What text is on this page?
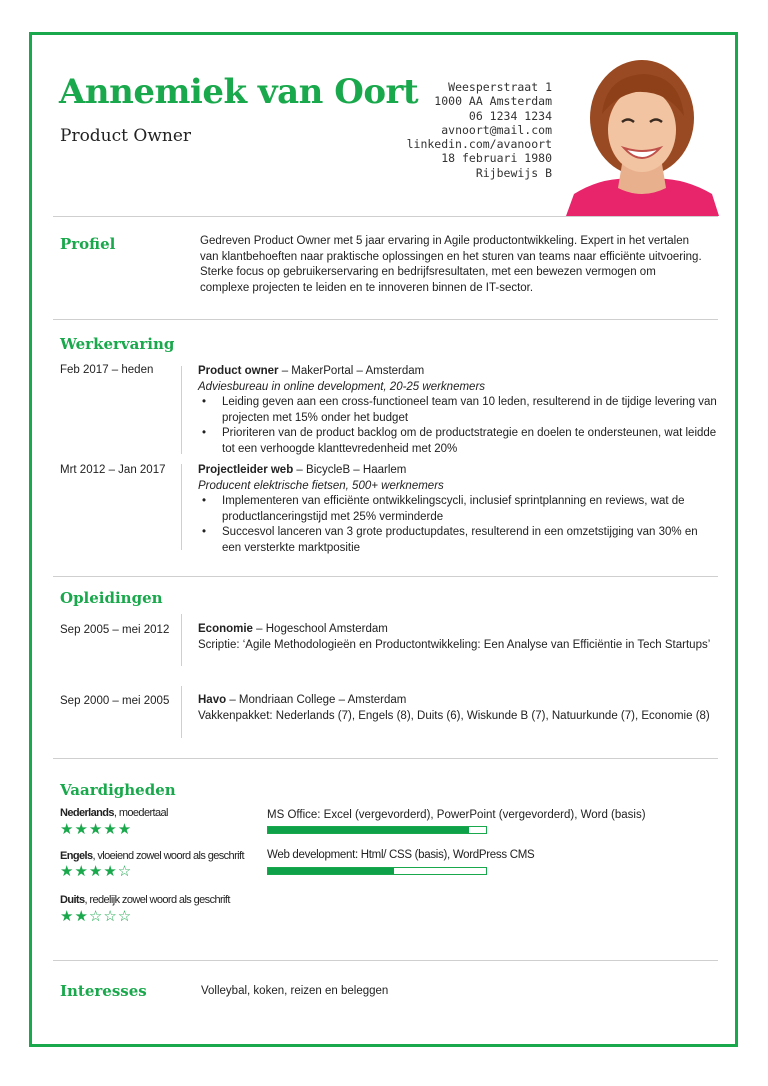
Annemiek van Oort
Product Owner
Weesperstraat 1
1000 AA Amsterdam
06 1234 1234
avnoort@mail.com
linkedin.com/avanoort
18 februari 1980
Rijbewijs B
Profiel	Gedreven Product Owner met 5 jaar ervaring in Agile productontwikkeling. Expert in het vertalen van klantbehoeften naar praktische oplossingen en het sturen van teams naar efficiënte uitvoering. Sterke focus op gebruikerservaring en bedrijfsresultaten, met een bewezen vermogen om complexe projecten te leiden en te innoveren binnen de IT-sector.
Werkervaring
Feb 2017 – heden	Product owner – MakerPortal – Amsterdam
Adviesbureau in online development, 20-25 werknemers
• Leiding geven aan een cross-functioneel team van 10 leden, resulterend in de tijdige levering van projecten met 15% onder het budget
• Prioriteren van de product backlog om de productstrategie en doelen te ondersteunen, wat leidde tot een verhoogde klanttevredenheid met 20%
Mrt 2012 – Jan 2017	Projectleider web – BicycleB – Haarlem
Producent elektrische fietsen, 500+ werknemers
• Implementeren van efficiënte ontwikkelingscycli, inclusief sprintplanning en reviews, wat de productlanceringstijd met 25% verminderde
• Succesvol lanceren van 3 grote productupdates, resulterend in een omzetstijging van 30% en een versterkte marktpositie
Opleidingen
Sep 2005 – mei 2012 Economie – Hogeschool Amsterdam
Scriptie: ‘Agile Methodologieën en Productontwikkeling: Een Analyse van Efficiëntie in Tech Startups’
Sep 2000 – mei 2005 Havo – Mondriaan College – Amsterdam
Vakkenpakket: Nederlands (7), Engels (8), Duits (6), Wiskunde B (7), Natuurkunde (7), Economie (8)
Vaardigheden
Nederlands, moedertaal
★★★★★
Engels, vloeiend zowel woord als geschrift
★★★★☆
Duits, redelijk zowel woord als geschrift
★★☆☆☆
MS Office: Excel (vergevorderd), PowerPoint (vergevorderd), Word (basis)
Web development: Html/ CSS (basis), WordPress CMS
Interesses	Volleybal, koken, reizen en beleggen
